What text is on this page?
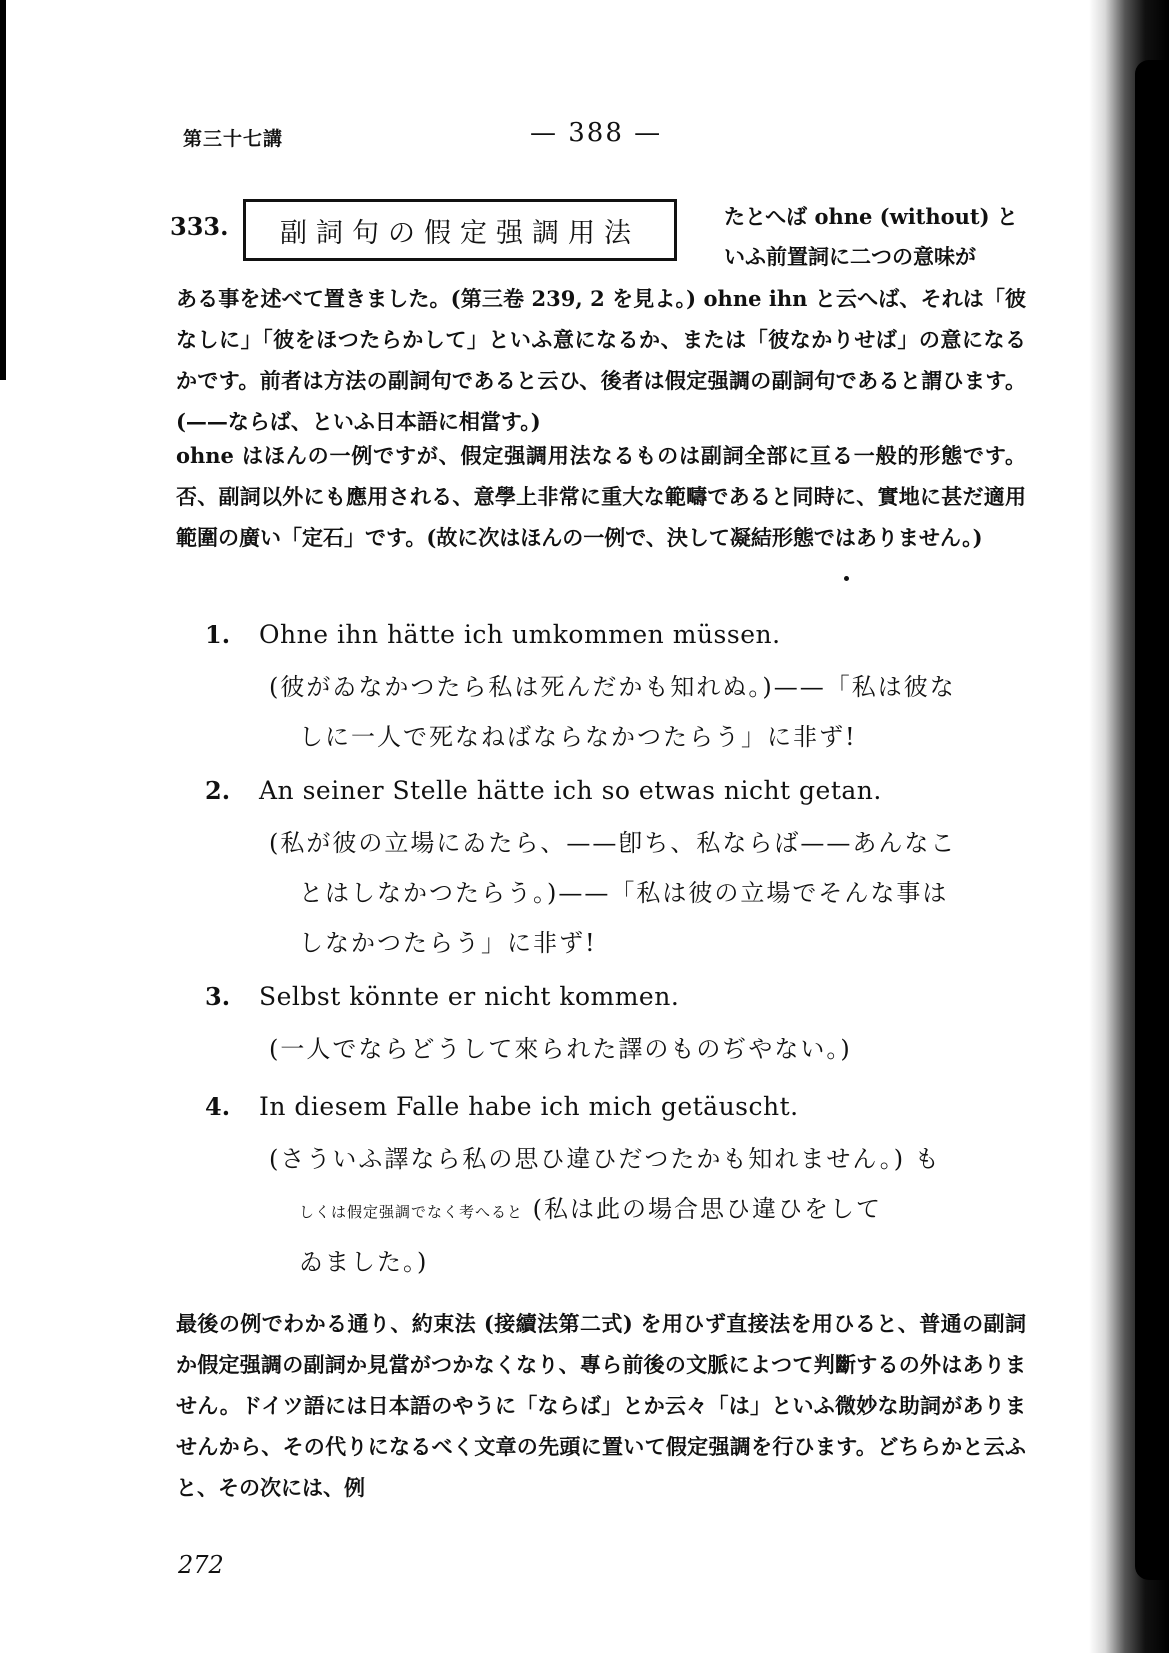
第三十七講	— 388 —
333. 副詞句の假定强調用法
たとへば ohne (without) と
いふ前置詞に二つの意味が
ある事を述べて置きました。(第三卷 239, 2 を見よ。) ohne ihn と云へば、それは「彼なしに」「彼をほつたらかして」といふ意になるか、または「彼なかりせば」の意になるかです。前者は方法の副詞句であると云ひ、後者は假定强調の副詞句であると謂ひます。(——ならば、といふ日本語に相當す。)
ohne はほんの一例ですが、假定强調用法なるものは副詞全部に亘る一般的形態です。否、副詞以外にも應用される、意學上非常に重大な範疇であると同時に、實地に甚だ適用範圍の廣い「定石」です。(故に次はほんの一例で、決して凝結形態ではありません。)
1. Ohne ihn hätte ich umkommen müssen.
(彼がゐなかつたら私は死んだかも知れぬ。)——「私は彼な
しに一人で死なねばならなかつたらう」に非ず!
2. An seiner Stelle hätte ich so etwas nicht getan.
(私が彼の立場にゐたら、——卽ち、私ならば——あんなこ
とはしなかつたらう。)——「私は彼の立場でそんな事は
しなかつたらう」に非ず!
3. Selbst könnte er nicht kommen.
(一人でならどうして來られた譯のものぢやない。)
4. In diesem Falle habe ich mich getäuscht.
(さういふ譯なら私の思ひ違ひだつたかも知れません。) も
しくは假定强調でなく考へると (私は此の場合思ひ違ひをして
ゐました。)
最後の例でわかる通り、約束法 (接續法第二式) を用ひず直接法を用ひると、普通の副詞か假定强調の副詞か見當がつかなくなり、專ら前後の文脈によつて判斷するの外はありません。ドイツ語には日本語のやうに「ならば」とか云々「は」といふ微妙な助詞がありませんから、その代りになるべく文章の先頭に置いて假定强調を行ひます。どちらかと云ふと、その次には、例
272
